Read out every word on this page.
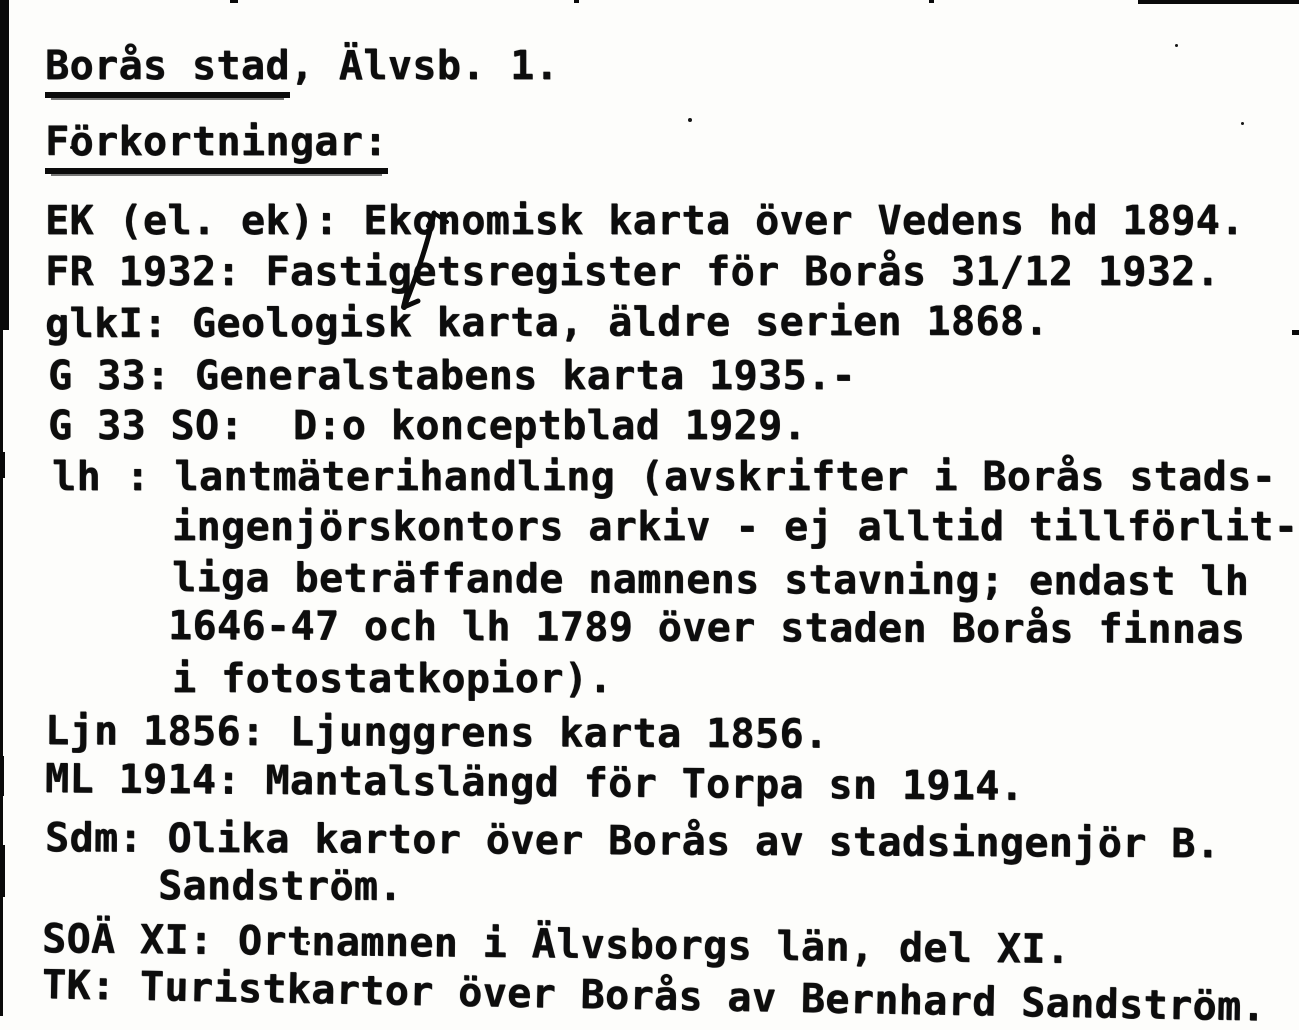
Borås stad, Älvsb. 1.
Förkortningar:
EK (el. ek): Ekonomisk karta över Vedens hd 1894.
FR 1932: Fastigetsregister för Borås 31/12 1932.
glkI: Geologisk karta, äldre serien 1868.
G 33: Generalstabens karta 1935.-
G 33 SO:  D:o konceptblad 1929.
lh : lantmäterihandling (avskrifter i Borås stads-
ingenjörskontors arkiv - ej alltid tillförlit-
liga beträffande namnens stavning; endast lh
1646-47 och lh 1789 över staden Borås finnas
i fotostatkopior).
Ljn 1856: Ljunggrens karta 1856.
ML 1914: Mantalslängd för Torpa sn 1914.
Sdm: Olika kartor över Borås av stadsingenjör B.
Sandström.
SOÄ XI: Ortnamnen i Älvsborgs län, del XI.
TK: Turistkartor över Borås av Bernhard Sandström.
